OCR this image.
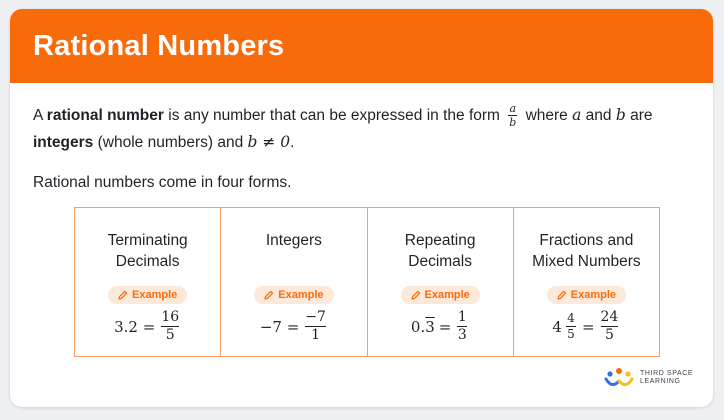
Rational Numbers
A rational number is any number that can be expressed in the form $\frac{a}{b}$ where a and b are
integers (whole numbers) and b ≠ 0.
Rational numbers come in four forms.
Terminating
Decimals
Example
$3.2 = \frac{16}{5}$
Integers
Example
$-7 = \frac{-7}{1}$
Repeating
Decimals
Example
$0.3 = \frac{1}{3}$
Fractions and
Mixed Numbers
Example
$4 \frac{4}{5} = \frac{24}{5}$
THIRD SPACE
LEARNING
